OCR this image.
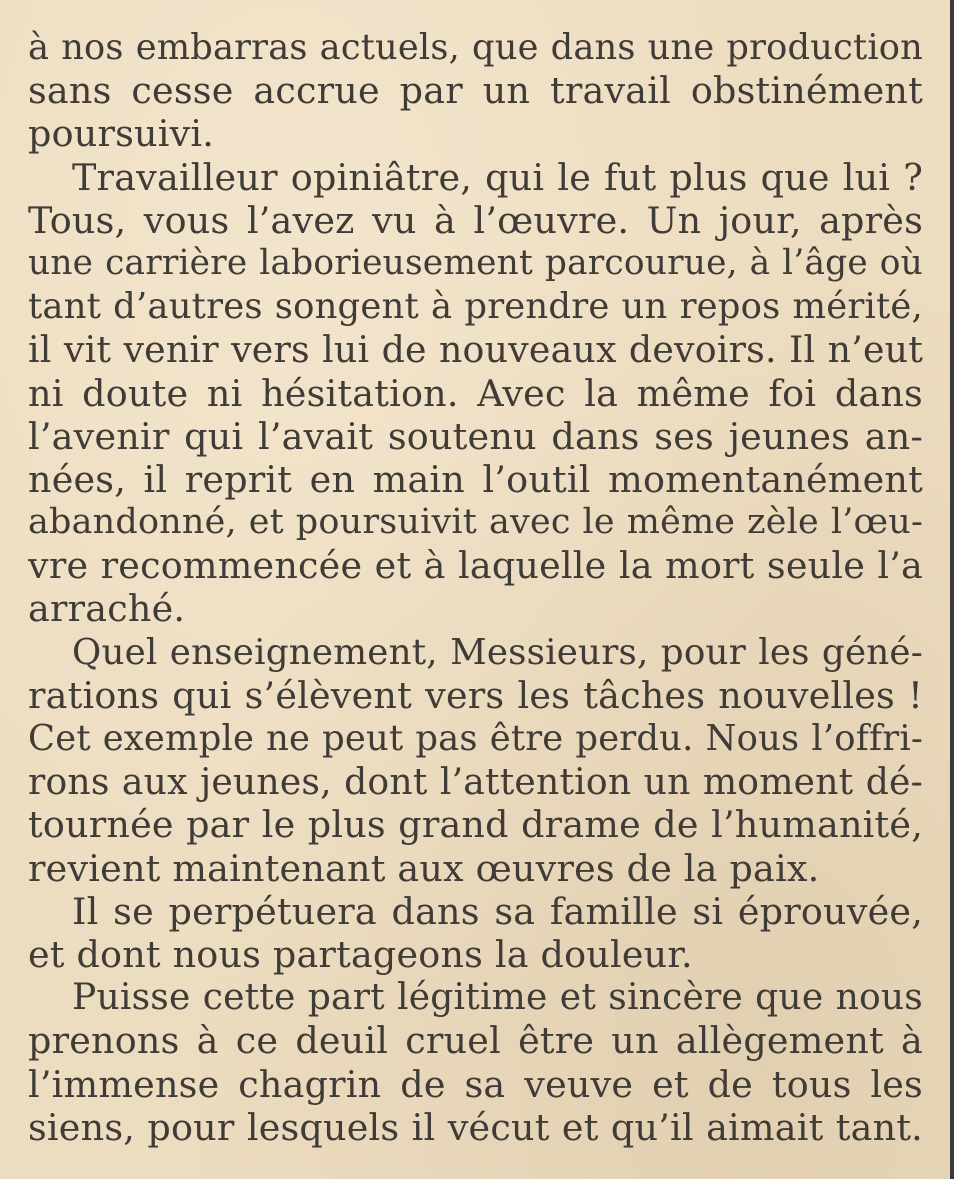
à nos embarras actuels, que dans une production
sans cesse accrue par un travail obstinément
poursuivi.
Travailleur opiniâtre, qui le fut plus que lui ?
Tous, vous l’avez vu à l’œuvre. Un jour, après
une carrière laborieusement parcourue, à l’âge où
tant d’autres songent à prendre un repos mérité,
il vit venir vers lui de nouveaux devoirs. Il n’eut
ni doute ni hésitation. Avec la même foi dans
l’avenir qui l’avait soutenu dans ses jeunes an-
nées, il reprit en main l’outil momentanément
abandonné, et poursuivit avec le même zèle l’œu-
vre recommencée et à laquelle la mort seule l’a
arraché.
Quel enseignement, Messieurs, pour les géné-
rations qui s’élèvent vers les tâches nouvelles !
Cet exemple ne peut pas être perdu. Nous l’offri-
rons aux jeunes, dont l’attention un moment dé-
tournée par le plus grand drame de l’humanité,
revient maintenant aux œuvres de la paix.
Il se perpétuera dans sa famille si éprouvée,
et dont nous partageons la douleur.
Puisse cette part légitime et sincère que nous
prenons à ce deuil cruel être un allègement à
l’immense chagrin de sa veuve et de tous les
siens, pour lesquels il vécut et qu’il aimait tant.
